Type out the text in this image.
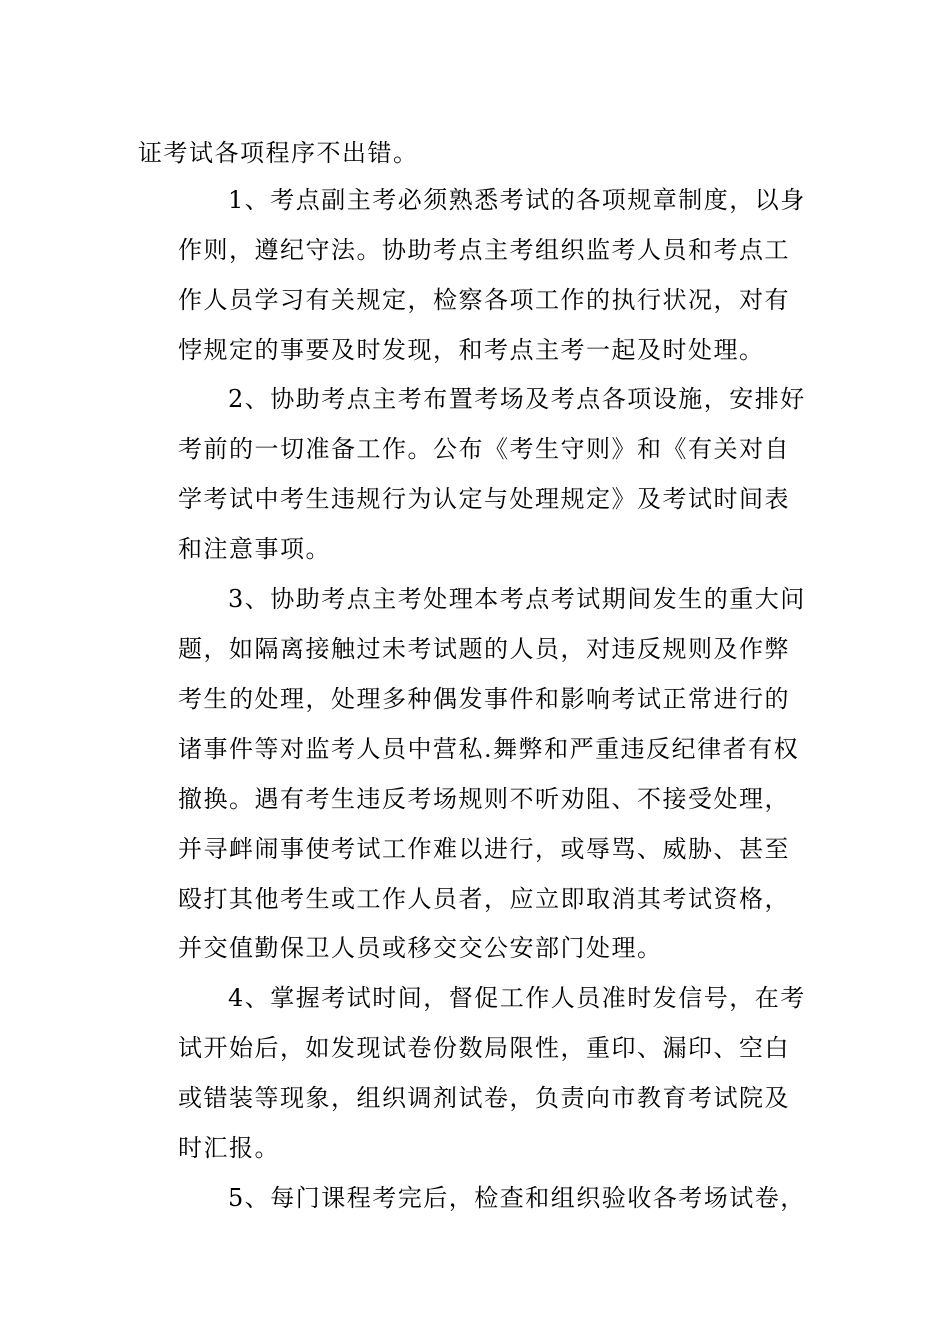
证考试各项程序不出错。
1、考点副主考必须熟悉考试的各项规章制度，以身
作则，遵纪守法。协助考点主考组织监考人员和考点工
作人员学习有关规定，检察各项工作的执行状况，对有
悖规定的事要及时发现，和考点主考一起及时处理。
2、协助考点主考布置考场及考点各项设施，安排好
考前的一切准备工作。公布《考生守则》和《有关对自
学考试中考生违规行为认定与处理规定》及考试时间表
和注意事项。
3、协助考点主考处理本考点考试期间发生的重大问
题，如隔离接触过未考试题的人员，对违反规则及作弊
考生的处理，处理多种偶发事件和影响考试正常进行的
诸事件等对监考人员中营私.舞弊和严重违反纪律者有权
撤换。遇有考生违反考场规则不听劝阻、不接受处理，
并寻衅闹事使考试工作难以进行，或辱骂、威胁、甚至
殴打其他考生或工作人员者，应立即取消其考试资格，
并交值勤保卫人员或移交交公安部门处理。
4、掌握考试时间，督促工作人员准时发信号，在考
试开始后，如发现试卷份数局限性，重印、漏印、空白
或错装等现象，组织调剂试卷，负责向市教育考试院及
时汇报。
5、每门课程考完后，检查和组织验收各考场试卷，
